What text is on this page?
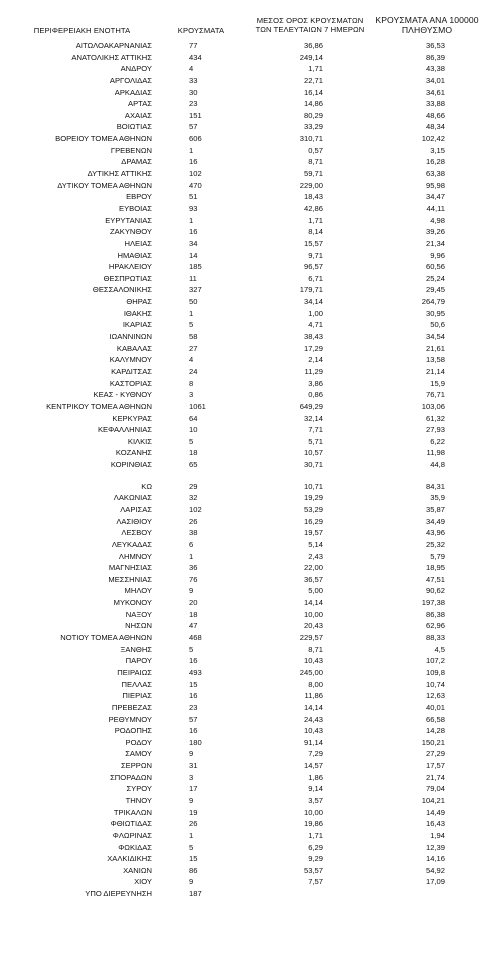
ΠΕΡΙΦΕΡΕΙΑΚΗ ΕΝΟΤΗΤΑ	ΚΡΟΥΣΜΑΤΑ
ΜΕΣΟΣ ΟΡΟΣ ΚΡΟΥΣΜΑΤΩΝ
ΤΩΝ ΤΕΛΕΥΤΑΙΩΝ 7 ΗΜΕΡΩΝ
ΚΡΟΥΣΜΑΤΑ ΑΝΑ 100000
ΠΛΗΘΥΣΜΟ
ΑΙΤΩΛΟΑΚΑΡΝΑΝΙΑΣ	77	36,86	36,53
ΑΝΑΤΟΛΙΚΗΣ ΑΤΤΙΚΗΣ	434	249,14	86,39
ΑΝΔΡΟΥ	4	1,71	43,38
ΑΡΓΟΛΙΔΑΣ	33	22,71	34,01
ΑΡΚΑΔΙΑΣ	30	16,14	34,61
ΑΡΤΑΣ	23	14,86	33,88
ΑΧΑΙΑΣ	151	80,29	48,66
ΒΟΙΩΤΙΑΣ	57	33,29	48,34
ΒΟΡΕΙΟΥ ΤΟΜΕΑ ΑΘΗΝΩΝ	606	310,71	102,42
ΓΡΕΒΕΝΩΝ	1	0,57	3,15
ΔΡΑΜΑΣ	16	8,71	16,28
ΔΥΤΙΚΗΣ ΑΤΤΙΚΗΣ	102	59,71	63,38
ΔΥΤΙΚΟΥ ΤΟΜΕΑ ΑΘΗΝΩΝ	470	229,00	95,98
ΕΒΡΟΥ	51	18,43	34,47
ΕΥΒΟΙΑΣ	93	42,86	44,11
ΕΥΡΥΤΑΝΙΑΣ	1	1,71	4,98
ΖΑΚΥΝΘΟΥ	16	8,14	39,26
ΗΛΕΙΑΣ	34	15,57	21,34
ΗΜΑΘΙΑΣ	14	9,71	9,96
ΗΡΑΚΛΕΙΟΥ	185	96,57	60,56
ΘΕΣΠΡΩΤΙΑΣ	11	6,71	25,24
ΘΕΣΣΑΛΟΝΙΚΗΣ	327	179,71	29,45
ΘΗΡΑΣ	50	34,14	264,79
ΙΘΑΚΗΣ	1	1,00	30,95
ΙΚΑΡΙΑΣ	5	4,71	50,6
ΙΩΑΝΝΙΝΩΝ	58	38,43	34,54
ΚΑΒΑΛΑΣ	27	17,29	21,61
ΚΑΛΥΜΝΟΥ	4	2,14	13,58
ΚΑΡΔΙΤΣΑΣ	24	11,29	21,14
ΚΑΣΤΟΡΙΑΣ	8	3,86	15,9
ΚΕΑΣ - ΚΥΘΝΟΥ	3	0,86	76,71
ΚΕΝΤΡΙΚΟΥ ΤΟΜΕΑ ΑΘΗΝΩΝ	1061	649,29	103,06
ΚΕΡΚΥΡΑΣ	64	32,14	61,32
ΚΕΦΑΛΛΗΝΙΑΣ	10	7,71	27,93
ΚΙΛΚΙΣ	5	5,71	6,22
ΚΟΖΑΝΗΣ	18	10,57	11,98
ΚΟΡΙΝΘΙΑΣ	65	30,71	44,8
ΚΩ	29	10,71	84,31
ΛΑΚΩΝΙΑΣ	32	19,29	35,9
ΛΑΡΙΣΑΣ	102	53,29	35,87
ΛΑΣΙΘΙΟΥ	26	16,29	34,49
ΛΕΣΒΟΥ	38	19,57	43,96
ΛΕΥΚΑΔΑΣ	6	5,14	25,32
ΛΗΜΝΟΥ	1	2,43	5,79
ΜΑΓΝΗΣΙΑΣ	36	22,00	18,95
ΜΕΣΣΗΝΙΑΣ	76	36,57	47,51
ΜΗΛΟΥ	9	5,00	90,62
ΜΥΚΟΝΟΥ	20	14,14	197,38
ΝΑΞΟΥ	18	10,00	86,38
ΝΗΣΩΝ	47	20,43	62,96
ΝΟΤΙΟΥ ΤΟΜΕΑ ΑΘΗΝΩΝ	468	229,57	88,33
ΞΑΝΘΗΣ	5	8,71	4,5
ΠΑΡΟΥ	16	10,43	107,2
ΠΕΙΡΑΙΩΣ	493	245,00	109,8
ΠΕΛΛΑΣ	15	8,00	10,74
ΠΙΕΡΙΑΣ	16	11,86	12,63
ΠΡΕΒΕΖΑΣ	23	14,14	40,01
ΡΕΘΥΜΝΟΥ	57	24,43	66,58
ΡΟΔΟΠΗΣ	16	10,43	14,28
ΡΟΔΟΥ	180	91,14	150,21
ΣΑΜΟΥ	9	7,29	27,29
ΣΕΡΡΩΝ	31	14,57	17,57
ΣΠΟΡΑΔΩΝ	3	1,86	21,74
ΣΥΡΟΥ	17	9,14	79,04
ΤΗΝΟΥ	9	3,57	104,21
ΤΡΙΚΑΛΩΝ	19	10,00	14,49
ΦΘΙΩΤΙΔΑΣ	26	19,86	16,43
ΦΛΩΡΙΝΑΣ	1	1,71	1,94
ΦΩΚΙΔΑΣ	5	6,29	12,39
ΧΑΛΚΙΔΙΚΗΣ	15	9,29	14,16
ΧΑΝΙΩΝ	86	53,57	54,92
ΧΙΟΥ	9	7,57	17,09
ΥΠΟ ΔΙΕΡΕΥΝΗΣΗ	187
